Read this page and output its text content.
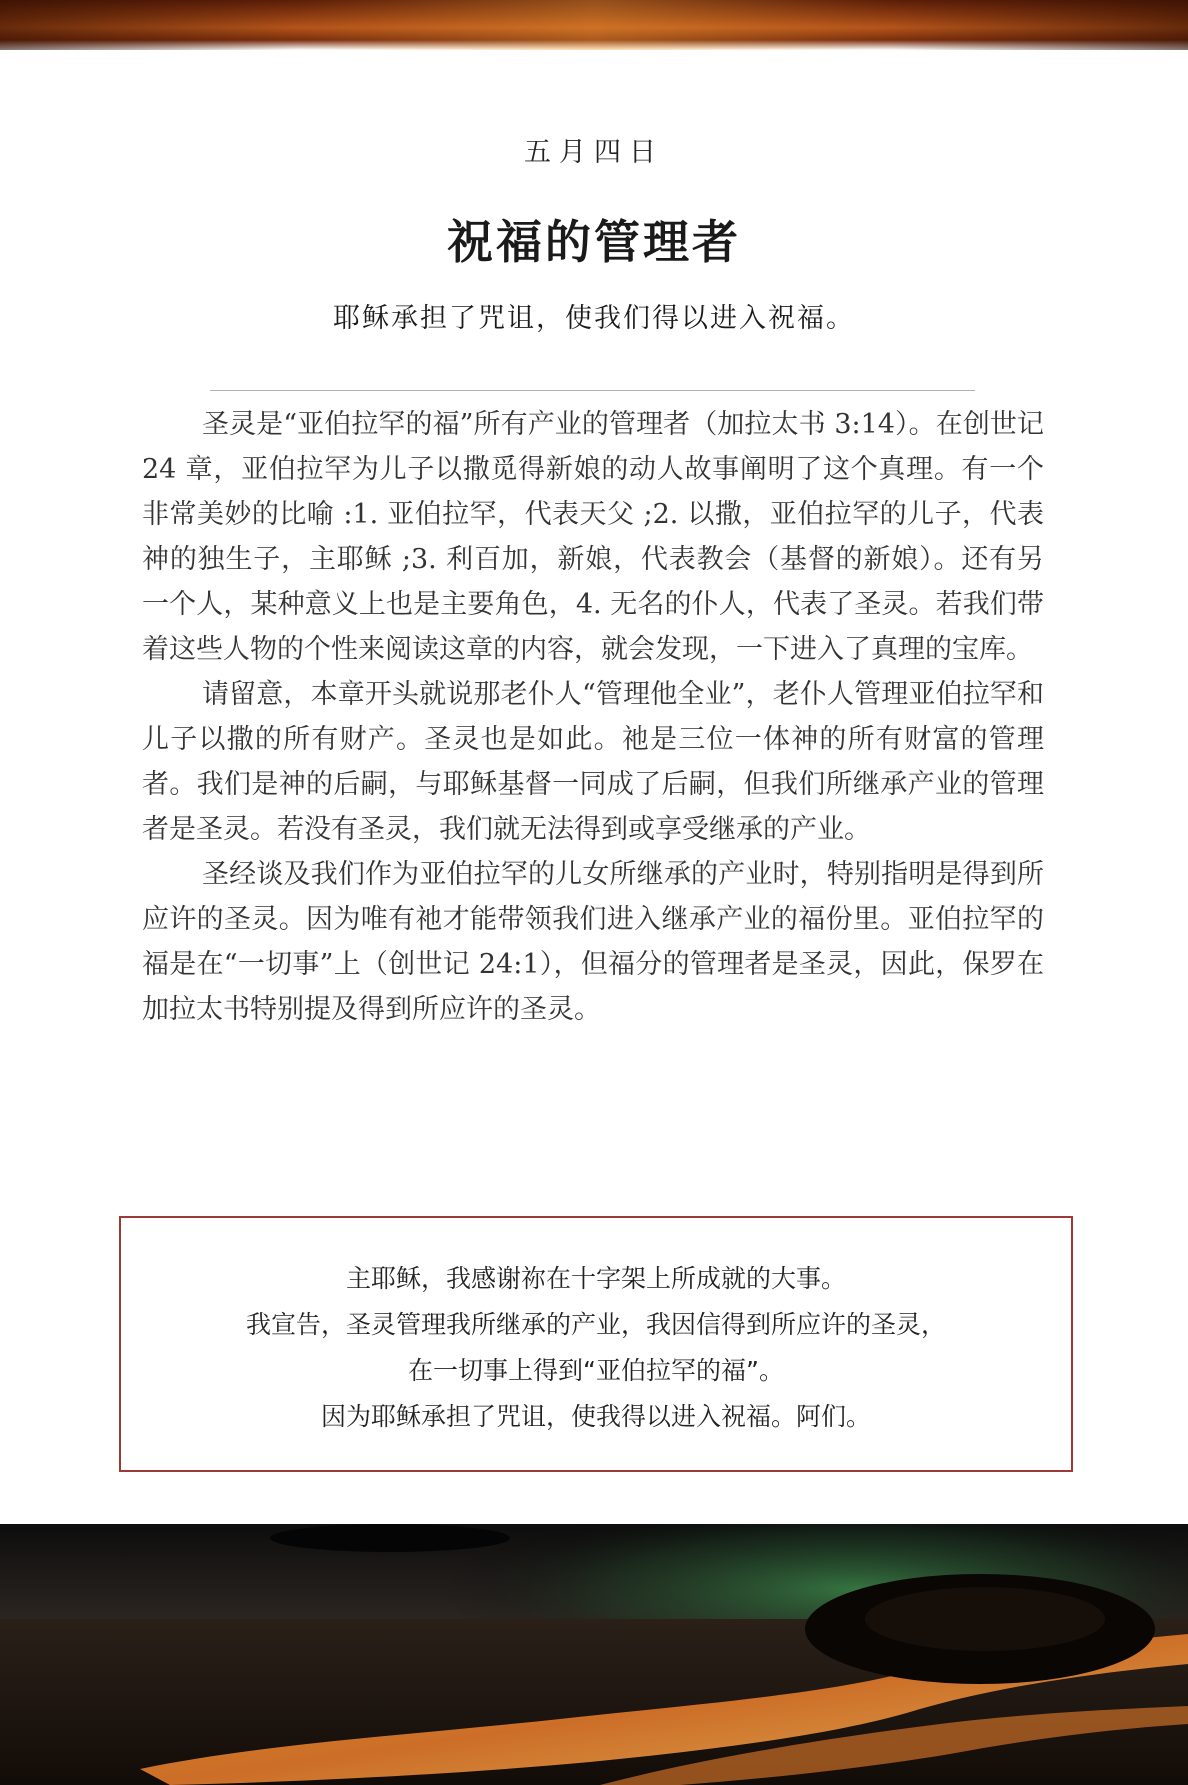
五月四日
祝福的管理者
耶稣承担了咒诅，使我们得以进入祝福。

圣灵是“亚伯拉罕的福”所有产业的管理者（加拉太书 3:14）。在创世记 24 章，亚伯拉罕为儿子以撒觅得新娘的动人故事阐明了这个真理。有一个非常美妙的比喻 :1. 亚伯拉罕，代表天父 ;2. 以撒，亚伯拉罕的儿子，代表神的独生子，主耶稣 ;3. 利百加，新娘，代表教会（基督的新娘）。还有另一个人，某种意义上也是主要角色，4. 无名的仆人，代表了圣灵。若我们带着这些人物的个性来阅读这章的内容，就会发现，一下进入了真理的宝库。

请留意，本章开头就说那老仆人“管理他全业”，老仆人管理亚伯拉罕和儿子以撒的所有财产。圣灵也是如此。祂是三位一体神的所有财富的管理者。我们是神的后嗣，与耶稣基督一同成了后嗣，但我们所继承产业的管理者是圣灵。若没有圣灵，我们就无法得到或享受继承的产业。

圣经谈及我们作为亚伯拉罕的儿女所继承的产业时，特别指明是得到所应许的圣灵。因为唯有祂才能带领我们进入继承产业的福份里。亚伯拉罕的福是在“一切事”上（创世记 24:1），但福分的管理者是圣灵，因此，保罗在加拉太书特别提及得到所应许的圣灵。

主耶稣，我感谢祢在十字架上所成就的大事。
我宣告，圣灵管理我所继承的产业，我因信得到所应许的圣灵，
在一切事上得到“亚伯拉罕的福”。
因为耶稣承担了咒诅，使我得以进入祝福。阿们。
